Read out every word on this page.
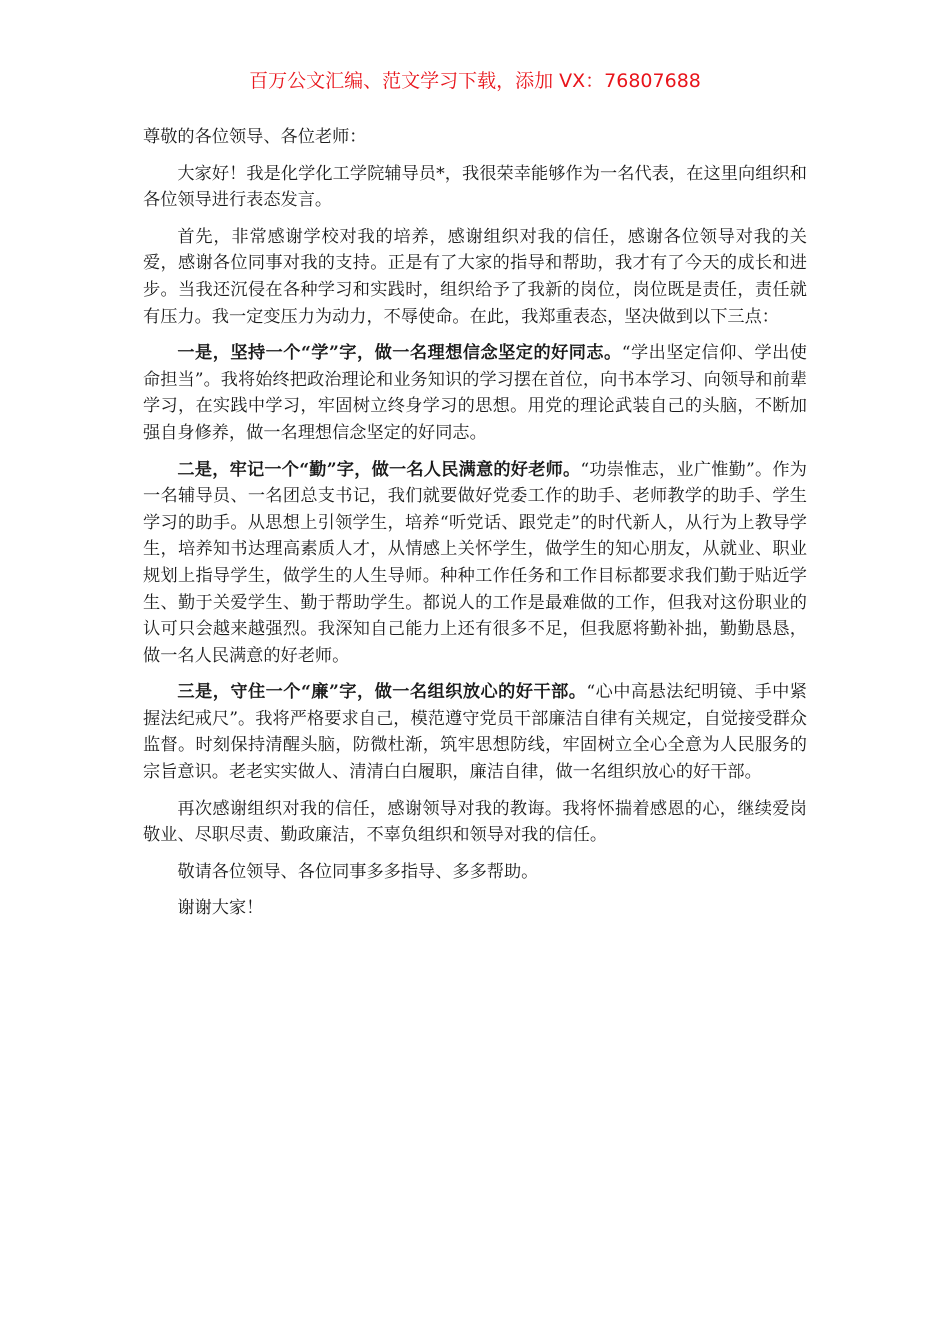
百万公文汇编、范文学习下载，添加 VX：76807688

尊敬的各位领导、各位老师：

大家好！我是化学化工学院辅导员*，我很荣幸能够作为一名代表，在这里向组织和各位领导进行表态发言。

首先，非常感谢学校对我的培养，感谢组织对我的信任，感谢各位领导对我的关爱，感谢各位同事对我的支持。正是有了大家的指导和帮助，我才有了今天的成长和进步。当我还沉侵在各种学习和实践时，组织给予了我新的岗位，岗位既是责任，责任就有压力。我一定变压力为动力，不辱使命。在此，我郑重表态，坚决做到以下三点：

一是，坚持一个“学”字，做一名理想信念坚定的好同志。“学出坚定信仰、学出使命担当”。我将始终把政治理论和业务知识的学习摆在首位，向书本学习、向领导和前辈学习，在实践中学习，牢固树立终身学习的思想。用党的理论武装自己的头脑，不断加强自身修养，做一名理想信念坚定的好同志。

二是，牢记一个“勤”字，做一名人民满意的好老师。“功崇惟志，业广惟勤”。作为一名辅导员、一名团总支书记，我们就要做好党委工作的助手、老师教学的助手、学生学习的助手。从思想上引领学生，培养“听党话、跟党走”的时代新人，从行为上教导学生，培养知书达理高素质人才，从情感上关怀学生，做学生的知心朋友，从就业、职业规划上指导学生，做学生的人生导师。种种工作任务和工作目标都要求我们勤于贴近学生、勤于关爱学生、勤于帮助学生。都说人的工作是最难做的工作，但我对这份职业的认可只会越来越强烈。我深知自己能力上还有很多不足，但我愿将勤补拙，勤勤恳恳，做一名人民满意的好老师。

三是，守住一个“廉”字，做一名组织放心的好干部。“心中高悬法纪明镜、手中紧握法纪戒尺”。我将严格要求自己，模范遵守党员干部廉洁自律有关规定，自觉接受群众监督。时刻保持清醒头脑，防微杜渐，筑牢思想防线，牢固树立全心全意为人民服务的宗旨意识。老老实实做人、清清白白履职，廉洁自律，做一名组织放心的好干部。

再次感谢组织对我的信任，感谢领导对我的教诲。我将怀揣着感恩的心，继续爱岗敬业、尽职尽责、勤政廉洁，不辜负组织和领导对我的信任。

敬请各位领导、各位同事多多指导、多多帮助。

谢谢大家！
